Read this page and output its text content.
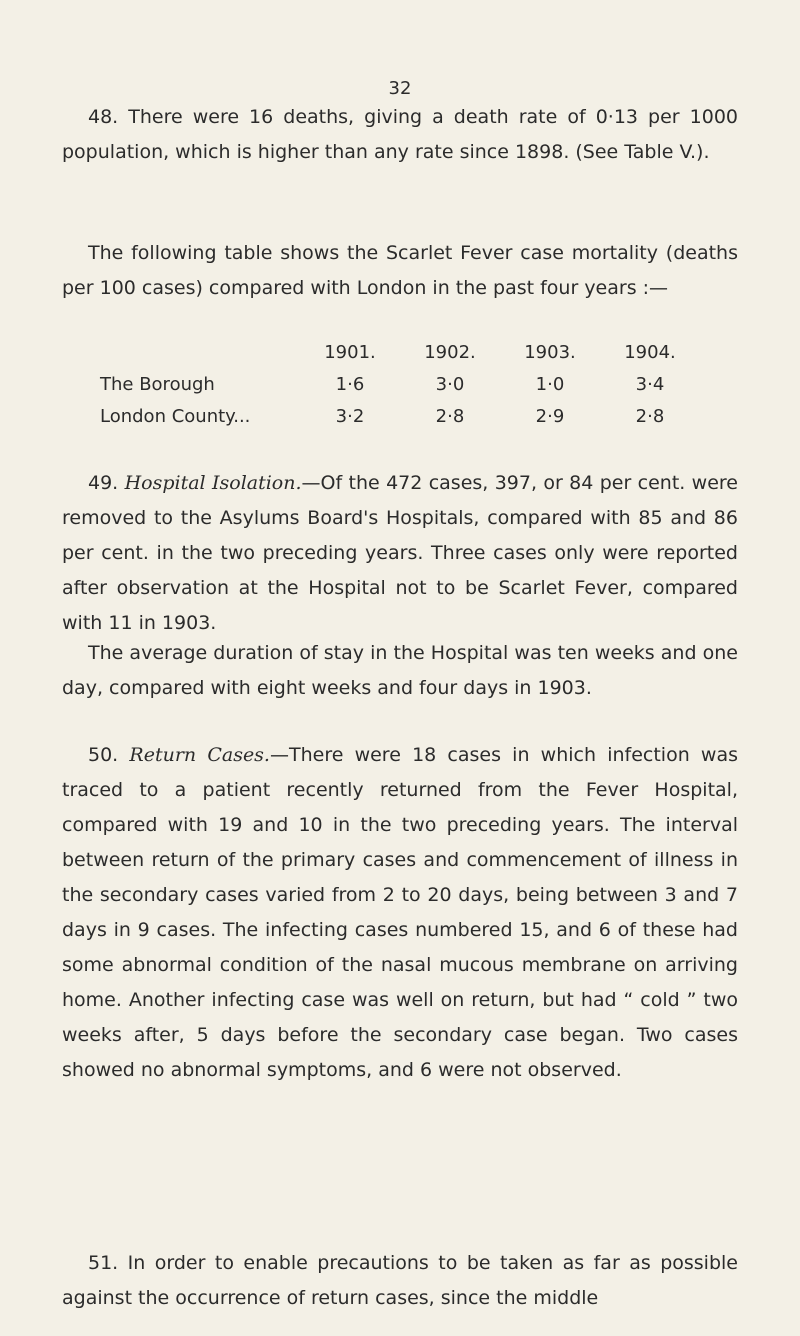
32

48. There were 16 deaths, giving a death rate of 0·13 per 1000 population, which is higher than any rate since 1898. (See Table V.).

The following table shows the Scarlet Fever case mortality (deaths per 100 cases) compared with London in the past four years :—

	1901.	1902.	1903.	1904.
The Borough	1·6	3·0	1·0	3·4
London County...	3·2	2·8	2·9	2·8

49. Hospital Isolation.—Of the 472 cases, 397, or 84 per cent. were removed to the Asylums Board's Hospitals, compared with 85 and 86 per cent. in the two preceding years. Three cases only were reported after observation at the Hospital not to be Scarlet Fever, compared with 11 in 1903.

The average duration of stay in the Hospital was ten weeks and one day, compared with eight weeks and four days in 1903.

50. Return Cases.—There were 18 cases in which infection was traced to a patient recently returned from the Fever Hospital, compared with 19 and 10 in the two preceding years. The interval between return of the primary cases and commencement of illness in the secondary cases varied from 2 to 20 days, being between 3 and 7 days in 9 cases. The infecting cases numbered 15, and 6 of these had some abnormal condition of the nasal mucous membrane on arriving home. Another infecting case was well on return, but had “ cold ” two weeks after, 5 days before the secondary case began. Two cases showed no abnormal symptoms, and 6 were not observed.

51. In order to enable precautions to be taken as far as possible against the occurrence of return cases, since the middle
